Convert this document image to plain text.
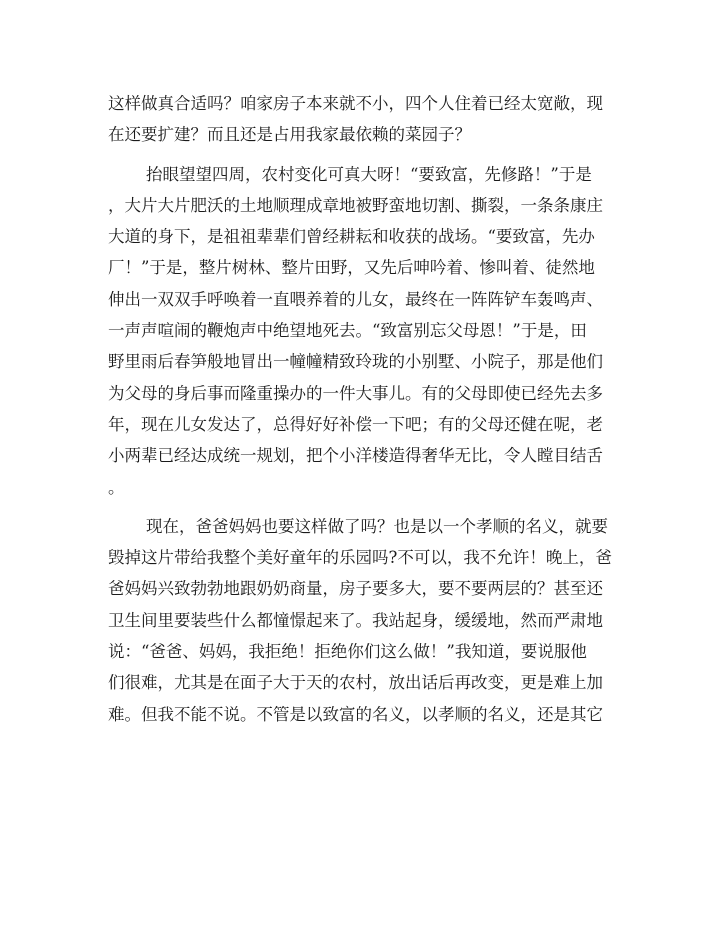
这样做真合适吗？咱家房子本来就不小，四个人住着已经太宽敞，现
在还要扩建？而且还是占用我家最依赖的菜园子？
抬眼望望四周，农村变化可真大呀！“要致富，先修路！”于是
，大片大片肥沃的土地顺理成章地被野蛮地切割、撕裂，一条条康庄
大道的身下，是祖祖辈辈们曾经耕耘和收获的战场。“要致富，先办
厂！”于是，整片树林、整片田野，又先后呻吟着、惨叫着、徒然地
伸出一双双手呼唤着一直喂养着的儿女，最终在一阵阵铲车轰鸣声、
一声声喧闹的鞭炮声中绝望地死去。“致富别忘父母恩！”于是，田
野里雨后春笋般地冒出一幢幢精致玲珑的小别墅、小院子，那是他们
为父母的身后事而隆重操办的一件大事儿。有的父母即使已经先去多
年，现在儿女发达了，总得好好补偿一下吧；有的父母还健在呢，老
小两辈已经达成统一规划，把个小洋楼造得奢华无比，令人瞠目结舌
。
现在，爸爸妈妈也要这样做了吗？也是以一个孝顺的名义，就要
毁掉这片带给我整个美好童年的乐园吗?不可以，我不允许！晚上，爸
爸妈妈兴致勃勃地跟奶奶商量，房子要多大，要不要两层的？甚至还
卫生间里要装些什么都憧憬起来了。我站起身，缓缓地，然而严肃地
说：“爸爸、妈妈，我拒绝！拒绝你们这么做！”我知道，要说服他
们很难，尤其是在面子大于天的农村，放出话后再改变，更是难上加
难。但我不能不说。不管是以致富的名义，以孝顺的名义，还是其它
